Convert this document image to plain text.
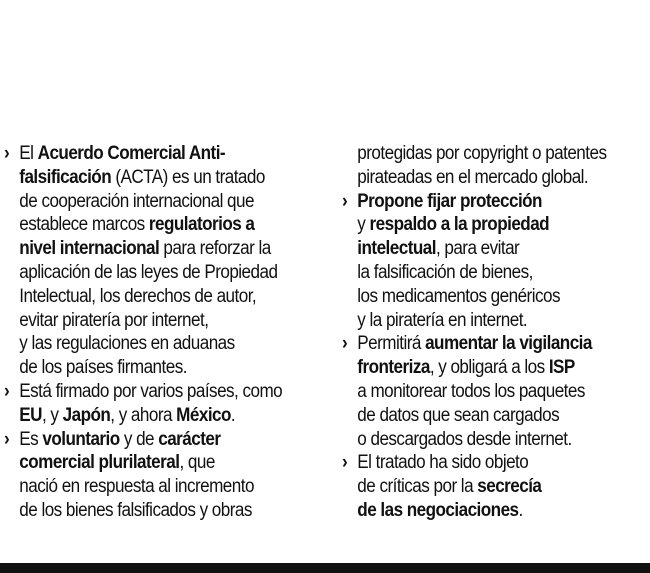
› El Acuerdo Comercial Anti-
falsificación (ACTA) es un tratado
de cooperación internacional que
establece marcos regulatorios a
nivel internacional para reforzar la
aplicación de las leyes de Propiedad
Intelectual, los derechos de autor,
evitar piratería por internet,
y las regulaciones en aduanas
de los países firmantes.
› Está firmado por varios países, como
EU, y Japón, y ahora México.
› Es voluntario y de carácter
comercial plurilateral, que
nació en respuesta al incremento
de los bienes falsificados y obras
protegidas por copyright o patentes
pirateadas en el mercado global.
› Propone fijar protección
y respaldo a la propiedad
intelectual, para evitar
la falsificación de bienes,
los medicamentos genéricos
y la piratería en internet.
› Permitirá aumentar la vigilancia
fronteriza, y obligará a los ISP
a monitorear todos los paquetes
de datos que sean cargados
o descargados desde internet.
› El tratado ha sido objeto
de críticas por la secrecía
de las negociaciones.
